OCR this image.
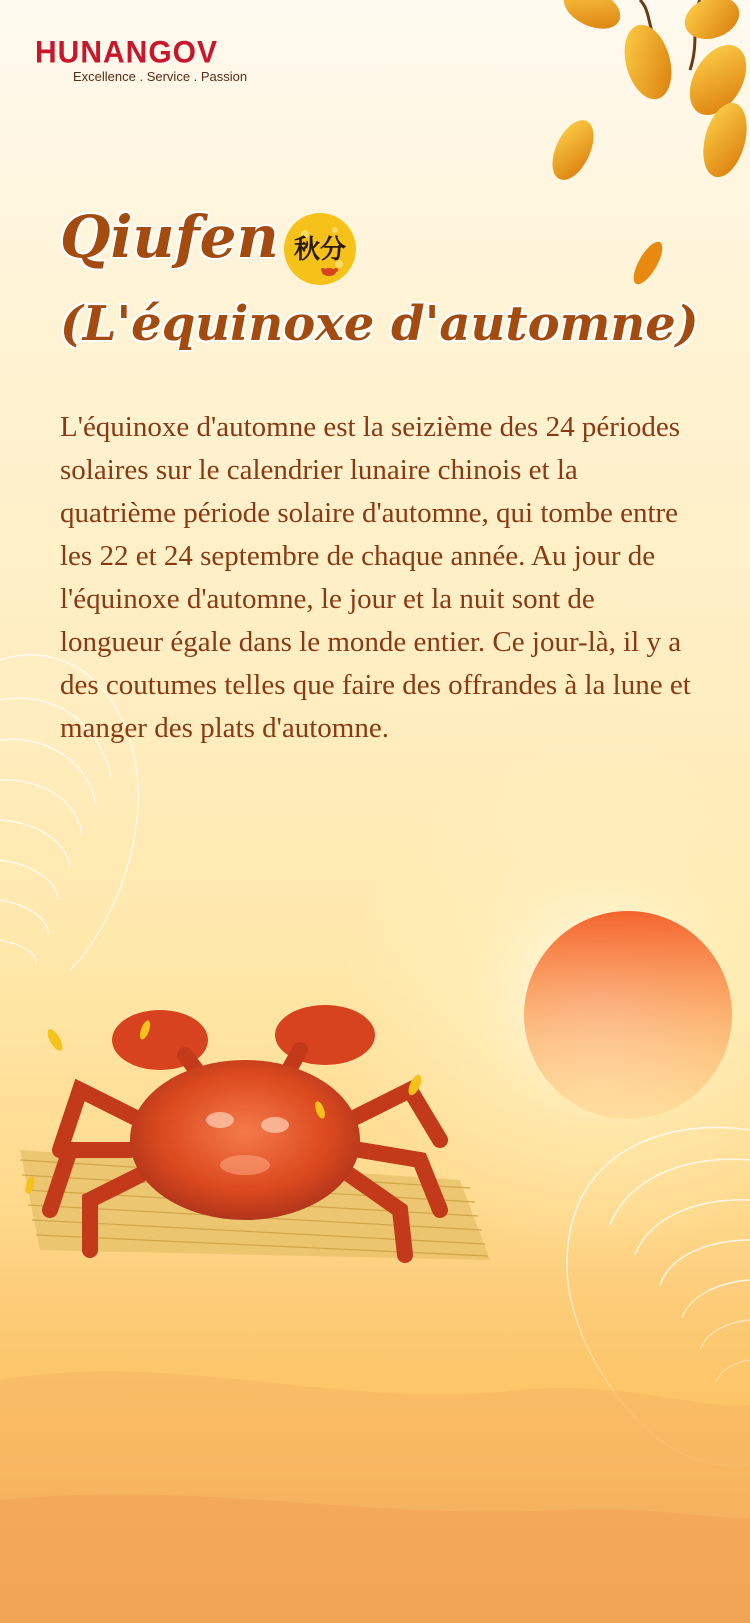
HUNANGOV
Excellence . Service . Passion
Qiufen 秋分
(L'équinoxe d'automne)
L'équinoxe d'automne est la seizième des 24 périodes solaires sur le calendrier lunaire chinois et la quatrième période solaire d'automne, qui tombe entre les 22 et 24 septembre de chaque année. Au jour de l'équinoxe d'automne, le jour et la nuit sont de longueur égale dans le monde entier. Ce jour-là, il y a des coutumes telles que faire des offrandes à la lune et manger des plats d'automne.
